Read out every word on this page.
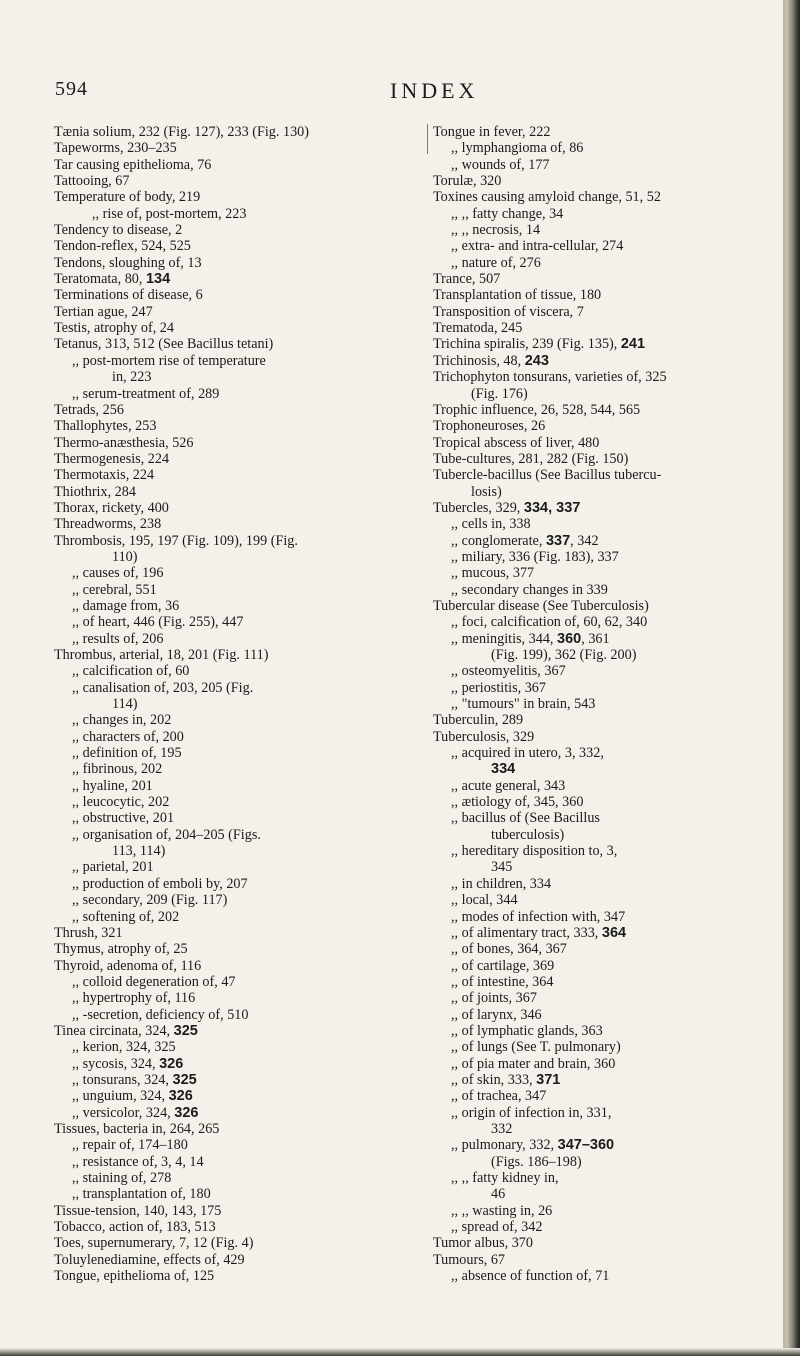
594	INDEX
Tænia solium, 232 (Fig. 127), 233 (Fig. 130)
Tapeworms, 230–235
Tar causing epithelioma, 76
Tattooing, 67
Temperature of body, 219
,, rise of, post-mortem, 223
Tendency to disease, 2
Tendon-reflex, 524, 525
Tendons, sloughing of, 13
Teratomata, 80, 134
Terminations of disease, 6
Tertian ague, 247
Testis, atrophy of, 24
Tetanus, 313, 512 (See Bacillus tetani)
,, post-mortem rise of temperature
in, 223
,, serum-treatment of, 289
Tetrads, 256
Thallophytes, 253
Thermo-anæsthesia, 526
Thermogenesis, 224
Thermotaxis, 224
Thiothrix, 284
Thorax, rickety, 400
Threadworms, 238
Thrombosis, 195, 197 (Fig. 109), 199 (Fig.
110)
,, causes of, 196
,, cerebral, 551
,, damage from, 36
,, of heart, 446 (Fig. 255), 447
,, results of, 206
Thrombus, arterial, 18, 201 (Fig. 111)
,, calcification of, 60
,, canalisation of, 203, 205 (Fig.
114)
,, changes in, 202
,, characters of, 200
,, definition of, 195
,, fibrinous, 202
,, hyaline, 201
,, leucocytic, 202
,, obstructive, 201
,, organisation of, 204–205 (Figs.
113, 114)
,, parietal, 201
,, production of emboli by, 207
,, secondary, 209 (Fig. 117)
,, softening of, 202
Thrush, 321
Thymus, atrophy of, 25
Thyroid, adenoma of, 116
,, colloid degeneration of, 47
,, hypertrophy of, 116
,, -secretion, deficiency of, 510
Tinea circinata, 324, 325
,, kerion, 324, 325
,, sycosis, 324, 326
,, tonsurans, 324, 325
,, unguium, 324, 326
,, versicolor, 324, 326
Tissues, bacteria in, 264, 265
,, repair of, 174–180
,, resistance of, 3, 4, 14
,, staining of, 278
,, transplantation of, 180
Tissue-tension, 140, 143, 175
Tobacco, action of, 183, 513
Toes, supernumerary, 7, 12 (Fig. 4)
Toluylenediamine, effects of, 429
Tongue, epithelioma of, 125
Tongue in fever, 222
,, lymphangioma of, 86
,, wounds of, 177
Torulæ, 320
Toxines causing amyloid change, 51, 52
,, ,, fatty change, 34
,, ,, necrosis, 14
,, extra- and intra-cellular, 274
,, nature of, 276
Trance, 507
Transplantation of tissue, 180
Transposition of viscera, 7
Trematoda, 245
Trichina spiralis, 239 (Fig. 135), 241
Trichinosis, 48, 243
Trichophyton tonsurans, varieties of, 325
(Fig. 176)
Trophic influence, 26, 528, 544, 565
Trophoneuroses, 26
Tropical abscess of liver, 480
Tube-cultures, 281, 282 (Fig. 150)
Tubercle-bacillus (See Bacillus tubercu-
losis)
Tubercles, 329, 334, 337
,, cells in, 338
,, conglomerate, 337, 342
,, miliary, 336 (Fig. 183), 337
,, mucous, 377
,, secondary changes in 339
Tubercular disease (See Tuberculosis)
,, foci, calcification of, 60, 62, 340
,, meningitis, 344, 360, 361
(Fig. 199), 362 (Fig. 200)
,, osteomyelitis, 367
,, periostitis, 367
,, "tumours" in brain, 543
Tuberculin, 289
Tuberculosis, 329
,, acquired in utero, 3, 332,
334
,, acute general, 343
,, ætiology of, 345, 360
,, bacillus of (See Bacillus
tuberculosis)
,, hereditary disposition to, 3,
345
,, in children, 334
,, local, 344
,, modes of infection with, 347
,, of alimentary tract, 333, 364
,, of bones, 364, 367
,, of cartilage, 369
,, of intestine, 364
,, of joints, 367
,, of larynx, 346
,, of lymphatic glands, 363
,, of lungs (See T. pulmonary)
,, of pia mater and brain, 360
,, of skin, 333, 371
,, of trachea, 347
,, origin of infection in, 331,
332
,, pulmonary, 332, 347–360
(Figs. 186–198)
,, ,, fatty kidney in,
46
,, ,, wasting in, 26
,, spread of, 342
Tumor albus, 370
Tumours, 67
,, absence of function of, 71
